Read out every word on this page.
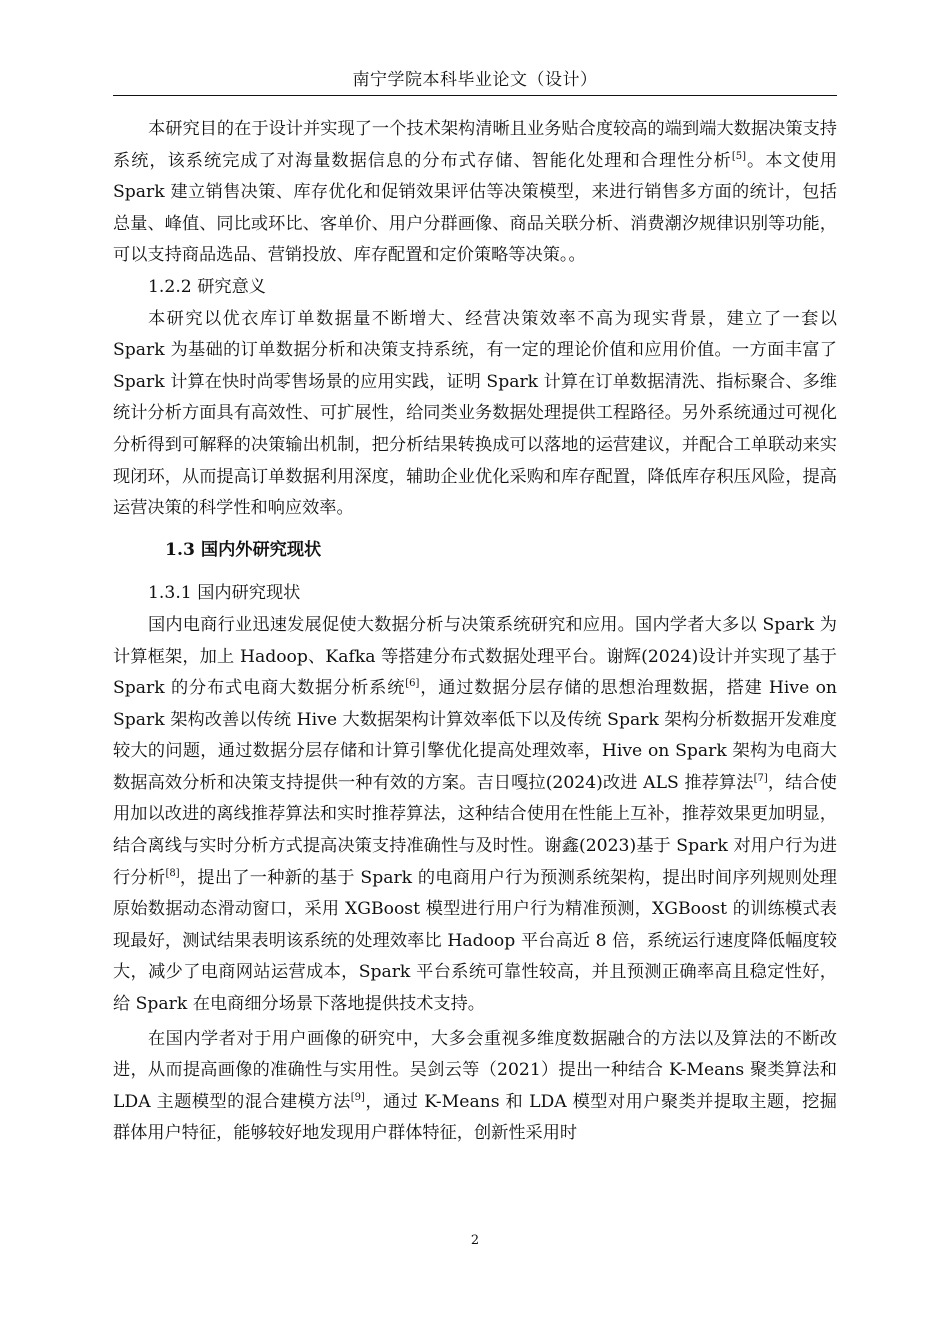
南宁学院本科毕业论文（设计）

本研究目的在于设计并实现了一个技术架构清晰且业务贴合度较高的端到端大数据决策支持系统，该系统完成了对海量数据信息的分布式存储、智能化处理和合理性分析[5]。本文使用 Spark 建立销售决策、库存优化和促销效果评估等决策模型，来进行销售多方面的统计，包括总量、峰值、同比或环比、客单价、用户分群画像、商品关联分析、消费潮汐规律识别等功能，可以支持商品选品、营销投放、库存配置和定价策略等决策。。

1.2.2 研究意义

本研究以优衣库订单数据量不断增大、经营决策效率不高为现实背景，建立了一套以 Spark 为基础的订单数据分析和决策支持系统，有一定的理论价值和应用价值。一方面丰富了 Spark 计算在快时尚零售场景的应用实践，证明 Spark 计算在订单数据清洗、指标聚合、多维统计分析方面具有高效性、可扩展性，给同类业务数据处理提供工程路径。另外系统通过可视化分析得到可解释的决策输出机制，把分析结果转换成可以落地的运营建议，并配合工单联动来实现闭环，从而提高订单数据利用深度，辅助企业优化采购和库存配置，降低库存积压风险，提高运营决策的科学性和响应效率。

1.3 国内外研究现状

1.3.1 国内研究现状

国内电商行业迅速发展促使大数据分析与决策系统研究和应用。国内学者大多以 Spark 为计算框架，加上 Hadoop、Kafka 等搭建分布式数据处理平台。谢辉(2024)设计并实现了基于 Spark 的分布式电商大数据分析系统[6]，通过数据分层存储的思想治理数据，搭建 Hive on Spark 架构改善以传统 Hive 大数据架构计算效率低下以及传统 Spark 架构分析数据开发难度较大的问题，通过数据分层存储和计算引擎优化提高处理效率，Hive on Spark 架构为电商大数据高效分析和决策支持提供一种有效的方案。吉日嘎拉(2024)改进 ALS 推荐算法[7]，结合使用加以改进的离线推荐算法和实时推荐算法，这种结合使用在性能上互补，推荐效果更加明显，结合离线与实时分析方式提高决策支持准确性与及时性。谢鑫(2023)基于 Spark 对用户行为进行分析[8]，提出了一种新的基于 Spark 的电商用户行为预测系统架构，提出时间序列规则处理原始数据动态滑动窗口，采用 XGBoost 模型进行用户行为精准预测，XGBoost 的训练模式表现最好，测试结果表明该系统的处理效率比 Hadoop 平台高近 8 倍，系统运行速度降低幅度较大，减少了电商网站运营成本，Spark 平台系统可靠性较高，并且预测正确率高且稳定性好，给 Spark 在电商细分场景下落地提供技术支持。

在国内学者对于用户画像的研究中，大多会重视多维度数据融合的方法以及算法的不断改进，从而提高画像的准确性与实用性。吴剑云等（2021）提出一种结合 K-Means 聚类算法和 LDA 主题模型的混合建模方法[9]，通过 K-Means 和 LDA 模型对用户聚类并提取主题，挖掘群体用户特征，能够较好地发现用户群体特征，创新性采用时

2
